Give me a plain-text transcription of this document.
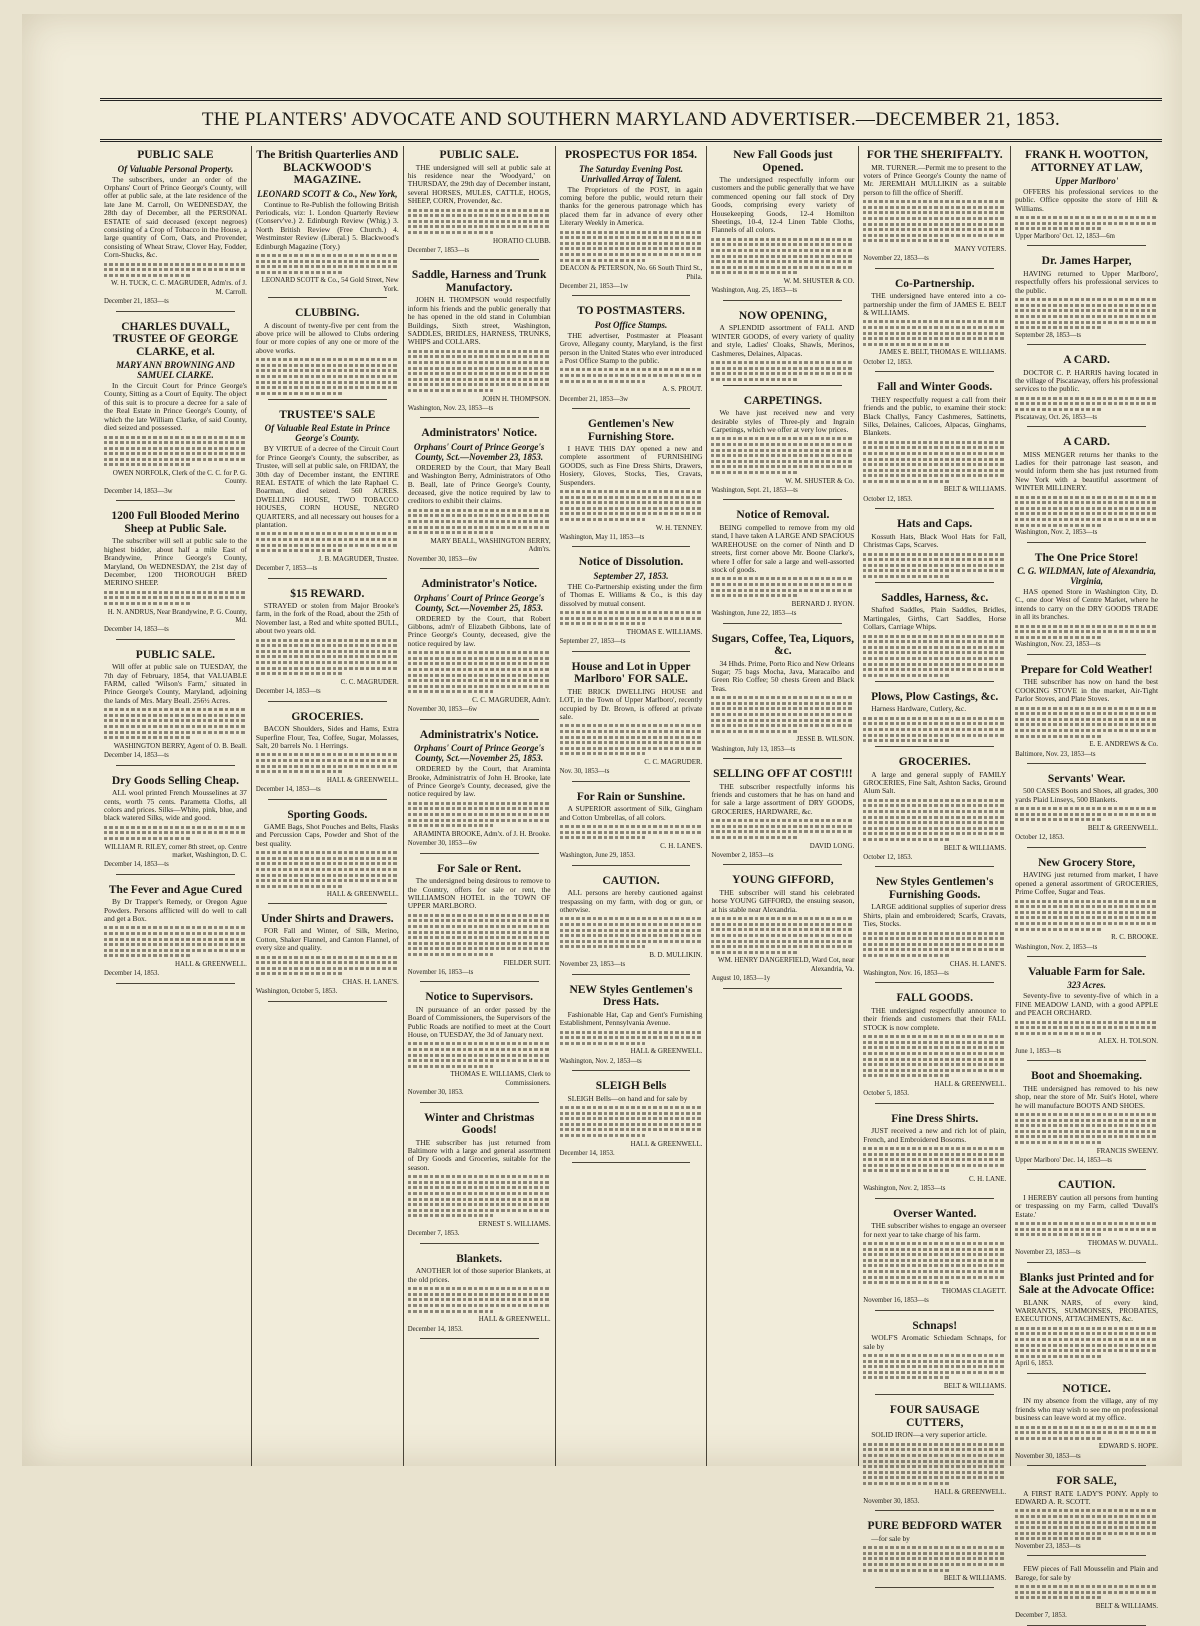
THE PLANTERS' ADVOCATE AND SOUTHERN MARYLAND ADVERTISER.—DECEMBER 21, 1853.
PUBLIC SALE
Of Valuable Personal Property.

The subscribers, under an order of the Orphans' Court of Prince George's County, will offer at public sale, at the late residence of the late Jane M. Carroll, On WEDNESDAY, the 28th day of December, all the PERSONAL ESTATE of said deceased (except negroes) consisting of a Crop of Tobacco in the House, a large quantity of Corn, Oats, and Provender, consisting of Wheat Straw, Clover Hay, Fodder, Corn-Shucks, &c.

W. H. TUCK, C. C. MAGRUDER, Adm'rs. of J. M. Carroll.
December 21, 1853—ts
CHARLES DUVALL, TRUSTEE OF GEORGE CLARKE, et al.
MARY ANN BROWNING AND SAMUEL CLARKE.

In the Circuit Court for Prince George's County, Sitting as a Court of Equity. The object of this suit is to procure a decree for a sale of the Real Estate in Prince George's County, of which the late William Clarke, of said County, died seized and possessed.

OWEN NORFOLK, Clerk of the C. C. for P. G. County.
December 14, 1853—3w
1200 Full Blooded Merino Sheep at Public Sale.

The subscriber will sell at public sale to the highest bidder, about half a mile East of Brandywine, Prince George's County, Maryland, On WEDNESDAY, the 21st day of December, 1200 THOROUGH BRED MERINO SHEEP.

H. N. ANDRUS, Near Brandywine, P. G. County, Md.
December 14, 1853—ts
PUBLIC SALE.

Will offer at public sale on TUESDAY, the 7th day of February, 1854, that VALUABLE FARM, called 'Wilson's Farm,' situated in Prince George's County, Maryland, adjoining the lands of Mrs. Mary Beall. 256½ Acres.

WASHINGTON BERRY, Agent of O. B. Beall.
December 14, 1853—ts
Dry Goods Selling Cheap.

ALL wool printed French Mousselines at 37 cents, worth 75 cents. Parametta Cloths, all colors and prices. Silks—White, pink, blue, and black watered Silks, wide and good.

WILLIAM R. RILEY, corner 8th street, op. Centre market, Washington, D. C.
December 14, 1853—ts
The Fever and Ague Cured

By Dr Trapper's Remedy, or Oregon Ague Powders. Persons afflicted will do well to call and get a Box.

HALL & GREENWELL.
December 14, 1853.
The British Quarterlies AND BLACKWOOD'S MAGAZINE.
LEONARD SCOTT & Co., New York,

Continue to Re-Publish the following British Periodicals, viz: 1. London Quarterly Review (Conserv've.) 2. Edinburgh Review (Whig.) 3. North British Review (Free Church.) 4. Westminster Review (Liberal.) 5. Blackwood's Edinburgh Magazine (Tory.)

LEONARD SCOTT & Co., 54 Gold Street, New York.
CLUBBING.

A discount of twenty-five per cent from the above price will be allowed to Clubs ordering four or more copies of any one or more of the above works.

TRUSTEE'S SALE
Of Valuable Real Estate in Prince George's County.

BY VIRTUE of a decree of the Circuit Court for Prince George's County, the subscriber, as Trustee, will sell at public sale, on FRIDAY, the 30th day of December instant, the ENTIRE REAL ESTATE of which the late Raphael C. Boarman, died seized. 560 ACRES. DWELLING HOUSE, TWO TOBACCO HOUSES, CORN HOUSE, NEGRO QUARTERS, and all necessary out houses for a plantation.

J. B. MAGRUDER, Trustee.
December 7, 1853—ts
$15 REWARD.

STRAYED or stolen from Major Brooke's farm, in the fork of the Road, about the 25th of November last, a Red and white spotted BULL, about two years old.

C. C. MAGRUDER.
December 14, 1853—ts
GROCERIES.

BACON Shoulders, Sides and Hams, Extra Superfine Flour, Tea, Coffee, Sugar, Molasses, Salt, 20 barrels No. 1 Herrings.

HALL & GREENWELL.
December 14, 1853—ts
Sporting Goods.

GAME Bags, Shot Pouches and Belts, Flasks and Percussion Caps, Powder and Shot of the best quality.

HALL & GREENWELL.
Under Shirts and Drawers.

FOR Fall and Winter, of Silk, Merino, Cotton, Shaker Flannel, and Canton Flannel, of every size and quality.

CHAS. H. LANE'S.
Washington, October 5, 1853.
PUBLIC SALE.

THE undersigned will sell at public sale at his residence near the 'Woodyard,' on THURSDAY, the 29th day of December instant, several HORSES, MULES, CATTLE, HOGS, SHEEP, CORN, Provender, &c.

HORATIO CLUBB.
December 7, 1853—ts
Saddle, Harness and Trunk Manufactory.

JOHN H. THOMPSON would respectfully inform his friends and the public generally that he has opened in the old stand in Columbian Buildings, Sixth street, Washington, SADDLES, BRIDLES, HARNESS, TRUNKS, WHIPS and COLLARS.

JOHN H. THOMPSON.
Washington, Nov. 23, 1853—ts
Administrators' Notice.
Orphans' Court of Prince George's County, Sct.—November 23, 1853.

ORDERED by the Court, that Mary Beall and Washington Berry, Administrators of Otho B. Beall, late of Prince George's County, deceased, give the notice required by law to creditors to exhibit their claims.

MARY BEALL, WASHINGTON BERRY, Adm'rs.
November 30, 1853—6w
Administrator's Notice.
Orphans' Court of Prince George's County, Sct.—November 25, 1853.

ORDERED by the Court, that Robert Gibbons, adm'r of Elizabeth Gibbons, late of Prince George's County, deceased, give the notice required by law.

C. C. MAGRUDER, Adm'r.
November 30, 1853—6w
Administratrix's Notice.
Orphans' Court of Prince George's County, Sct.—November 25, 1853.

ORDERED by the Court, that Araminta Brooke, Administratrix of John H. Brooke, late of Prince George's County, deceased, give the notice required by law.

ARAMINTA BROOKE, Adm'x. of J. H. Brooke.
November 30, 1853—6w
For Sale or Rent.

The undersigned being desirous to remove to the Country, offers for sale or rent, the WILLIAMSON HOTEL in the TOWN OF UPPER MARLBORO.

FIELDER SUIT.
November 16, 1853—ts
Notice to Supervisors.

IN pursuance of an order passed by the Board of Commissioners, the Supervisors of the Public Roads are notified to meet at the Court House, on TUESDAY, the 3d of January next.

THOMAS E. WILLIAMS, Clerk to Commissioners.
November 30, 1853.
Winter and Christmas Goods!

THE subscriber has just returned from Baltimore with a large and general assortment of Dry Goods and Groceries, suitable for the season.

ERNEST S. WILLIAMS.
December 7, 1853.
Blankets.

ANOTHER lot of those superior Blankets, at the old prices.

HALL & GREENWELL.
December 14, 1853.
PROSPECTUS FOR 1854.
The Saturday Evening Post. Unrivalled Array of Talent.

The Proprietors of the POST, in again coming before the public, would return their thanks for the generous patronage which has placed them far in advance of every other Literary Weekly in America.

DEACON & PETERSON, No. 66 South Third St., Phila.
December 21, 1853—1w
TO POSTMASTERS.
Post Office Stamps.

THE advertiser, Postmaster at Pleasant Grove, Allegany county, Maryland, is the first person in the United States who ever introduced a Post Office Stamp to the public.

A. S. PROUT.
December 21, 1853—3w
Gentlemen's New Furnishing Store.

I HAVE THIS DAY opened a new and complete assortment of FURNISHING GOODS, such as Fine Dress Shirts, Drawers, Hosiery, Gloves, Stocks, Ties, Cravats, Suspenders.

W. H. TENNEY.
Washington, May 11, 1853—ts
Notice of Dissolution.
September 27, 1853.

THE Co-Partnership existing under the firm of Thomas E. Williams & Co., is this day dissolved by mutual consent.

THOMAS E. WILLIAMS.
September 27, 1853—ts
House and Lot in Upper Marlboro' FOR SALE.

THE BRICK DWELLING HOUSE and LOT, in the Town of Upper Marlboro', recently occupied by Dr. Brown, is offered at private sale.

C. C. MAGRUDER.
Nov. 30, 1853—ts
For Rain or Sunshine.

A SUPERIOR assortment of Silk, Gingham and Cotton Umbrellas, of all colors.

C. H. LANE'S.
Washington, June 29, 1853.
CAUTION.

ALL persons are hereby cautioned against trespassing on my farm, with dog or gun, or otherwise.

B. D. MULLIKIN.
November 23, 1853—ts
NEW Styles Gentlemen's Dress Hats.

Fashionable Hat, Cap and Gent's Furnishing Establishment, Pennsylvania Avenue.

HALL & GREENWELL.
Washington, Nov. 2, 1853—ts
SLEIGH Bells

SLEIGH Bells—on hand and for sale by

HALL & GREENWELL.
December 14, 1853.
New Fall Goods just Opened.

The undersigned respectfully inform our customers and the public generally that we have commenced opening our fall stock of Dry Goods, comprising every variety of Housekeeping Goods, 12-4 Homilton Sheetings, 10-4, 12-4 Linen Table Cloths, Flannels of all colors.

W. M. SHUSTER & CO.
Washington, Aug. 25, 1853—ts
NOW OPENING,

A SPLENDID assortment of FALL AND WINTER GOODS, of every variety of quality and style, Ladies' Cloaks, Shawls, Merinos, Cashmeres, Delaines, Alpacas.

CARPETINGS.

We have just received new and very desirable styles of Three-ply and Ingrain Carpetings, which we offer at very low prices.

W. M. SHUSTER & Co.
Washington, Sept. 21, 1853—ts
Notice of Removal.

BEING compelled to remove from my old stand, I have taken A LARGE AND SPACIOUS WAREHOUSE on the corner of Ninth and D streets, first corner above Mr. Boone Clarke's, where I offer for sale a large and well-assorted stock of goods.

BERNARD J. RYON.
Washington, June 22, 1853—ts
Sugars, Coffee, Tea, Liquors, &c.

34 Hhds. Prime, Porto Rico and New Orleans Sugar; 75 bags Mocha, Java, Maracaibo and Green Rio Coffee; 50 chests Green and Black Teas.

JESSE B. WILSON.
Washington, July 13, 1853—ts
SELLING OFF AT COST!!!

THE subscriber respectfully informs his friends and customers that he has on hand and for sale a large assortment of DRY GOODS, GROCERIES, HARDWARE, &c.

DAVID LONG.
November 2, 1853—ts
YOUNG GIFFORD,

THE subscriber will stand his celebrated horse YOUNG GIFFORD, the ensuing season, at his stable near Alexandria.

WM. HENRY DANGERFIELD, Ward Cot, near Alexandria, Va.
August 10, 1853—1y
FOR THE SHERIFFALTY.

MR. TURNER.—Permit me to present to the voters of Prince George's County the name of Mr. JEREMIAH MULLIKIN as a suitable person to fill the office of Sheriff.

MANY VOTERS.
November 22, 1853—ts
Co-Partnership.

THE undersigned have entered into a co-partnership under the firm of JAMES E. BELT & WILLIAMS.

JAMES E. BELT, THOMAS E. WILLIAMS.
October 12, 1853.
Fall and Winter Goods.

THEY respectfully request a call from their friends and the public, to examine their stock: Black Challys, Fancy Cashmeres, Sattinetts, Silks, Delaines, Calicoes, Alpacas, Ginghams, Blankets.

BELT & WILLIAMS.
October 12, 1853.
Hats and Caps.

Kossuth Hats, Black Wool Hats for Fall, Christmas Caps, Scarves.

Saddles, Harness, &c.

Shafted Saddles, Plain Saddles, Bridles, Martingales, Girths, Cart Saddles, Horse Collars, Carriage Whips.

Plows, Plow Castings, &c.

Harness Hardware, Cutlery, &c.

GROCERIES.

A large and general supply of FAMILY GROCERIES, Fine Salt, Ashton Sacks, Ground Alum Salt.

BELT & WILLIAMS.
October 12, 1853.
New Styles Gentlemen's Furnishing Goods.

LARGE additional supplies of superior dress Shirts, plain and embroidered; Scarfs, Cravats, Ties, Stocks.

CHAS. H. LANE'S.
Washington, Nov. 16, 1853—ts
FALL GOODS.

THE undersigned respectfully announce to their friends and customers that their FALL STOCK is now complete.

HALL & GREENWELL.
October 5, 1853.
Fine Dress Shirts.

JUST received a new and rich lot of plain, French, and Embroidered Bosoms.

C. H. LANE.
Washington, Nov. 2, 1853—ts
Overser Wanted.

THE subscriber wishes to engage an overseer for next year to take charge of his farm.

THOMAS CLAGETT.
November 16, 1853—ts
Schnaps!

WOLF'S Aromatic Schiedam Schnaps, for sale by

BELT & WILLIAMS.
FOUR SAUSAGE CUTTERS,

SOLID IRON—a very superior article.

HALL & GREENWELL.
November 30, 1853.
PURE BEDFORD WATER

—for sale by

BELT & WILLIAMS.
FRANK H. WOOTTON, ATTORNEY AT LAW,
Upper Marlboro'

OFFERS his professional services to the public. Office opposite the store of Hill & Williams.

Upper Marlboro' Oct. 12, 1853—6m
Dr. James Harper,

HAVING returned to Upper Marlboro', respectfully offers his professional services to the public.

September 28, 1853—ts
A CARD.

DOCTOR C. P. HARRIS having located in the village of Piscataway, offers his professional services to the public.

Piscataway, Oct. 26, 1853—ts
A CARD.

MISS MENGER returns her thanks to the Ladies for their patronage last season, and would inform them she has just returned from New York with a beautiful assortment of WINTER MILLINERY.

Washington, Nov. 2, 1853—ts
The One Price Store!
C. G. WILDMAN, late of Alexandria, Virginia,

HAS opened Store in Washington City, D. C., one door West of Centre Market, where he intends to carry on the DRY GOODS TRADE in all its branches.

Washington, Nov. 23, 1853—ts
Prepare for Cold Weather!

THE subscriber has now on hand the best COOKING STOVE in the market, Air-Tight Parlor Stoves, and Plate Stoves.

E. E. ANDREWS & Co.
Baltimore, Nov. 23, 1853—ts
Servants' Wear.

500 CASES Boots and Shoes, all grades, 300 yards Plaid Linseys, 500 Blankets.

BELT & GREENWELL.
October 12, 1853.
New Grocery Store,

HAVING just returned from market, I have opened a general assortment of GROCERIES, Prime Coffee, Sugar and Teas.

R. C. BROOKE.
Washington, Nov. 2, 1853—ts
Valuable Farm for Sale.
323 Acres.

Seventy-five to seventy-five of which in a FINE MEADOW LAND, with a good APPLE and PEACH ORCHARD.

ALEX. H. TOLSON.
June 1, 1853—ts
Boot and Shoemaking.

THE undersigned has removed to his new shop, near the store of Mr. Suit's Hotel, where he will manufacture BOOTS AND SHOES.

FRANCIS SWEENY.
Upper Marlboro' Dec. 14, 1853—ts
CAUTION.

I HEREBY caution all persons from hunting or trespassing on my Farm, called 'Duvall's Estate.'

THOMAS W. DUVALL.
November 23, 1853—ts
Blanks just Printed and for Sale at the Advocate Office:

BLANK NARS, of every kind, WARRANTS, SUMMONSES, PROBATES, EXECUTIONS, ATTACHMENTS, &c.

April 6, 1853.
NOTICE.

IN my absence from the village, any of my friends who may wish to see me on professional business can leave word at my office.

EDWARD S. HOPE.
November 30, 1853—ts
FOR SALE,

A FIRST RATE LADY'S PONY. Apply to EDWARD A. R. SCOTT.

November 23, 1853—ts

FEW pieces of Fall Mousselin and Plain and Barege, for sale by

BELT & WILLIAMS.
December 7, 1853.
